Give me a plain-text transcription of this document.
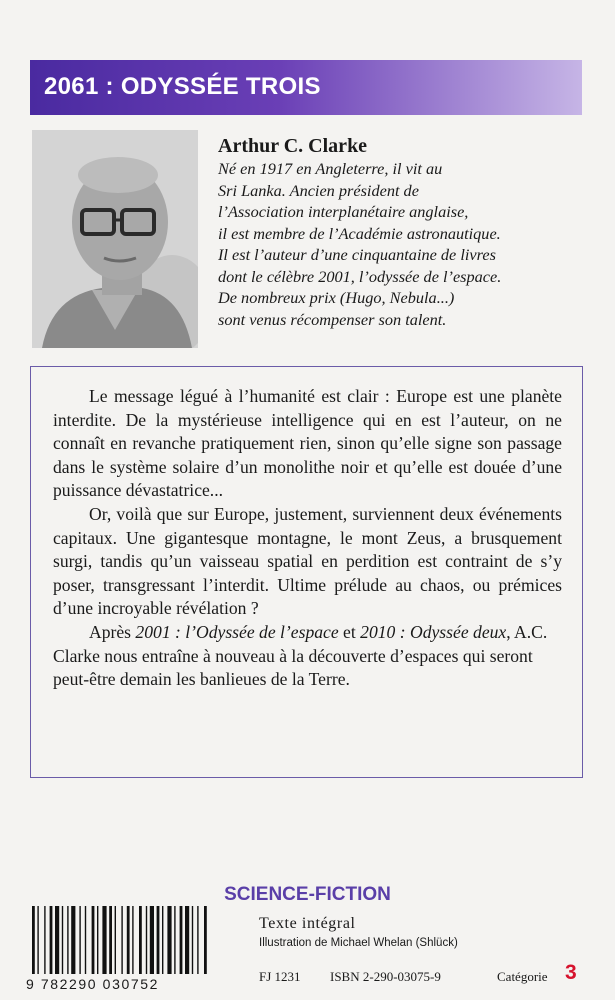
2061 : ODYSSÉE TROIS
Arthur C. Clarke
Né en 1917 en Angleterre, il vit au
Sri Lanka. Ancien président de
l’Association interplanétaire anglaise,
il est membre de l’Académie astronautique.
Il est l’auteur d’une cinquantaine de livres
dont le célèbre 2001, l’odyssée de l’espace.
De nombreux prix (Hugo, Nebula...)
sont venus récompenser son talent.

Le message légué à l’humanité est clair : Europe est une planète interdite. De la mystérieuse intelligence qui en est l’auteur, on ne connaît en revanche pratiquement rien, sinon qu’elle signe son passage dans le système solaire d’un monolithe noir et qu’elle est douée d’une puissance dévastatrice...

Or, voilà que sur Europe, justement, surviennent deux événements capitaux. Une gigantesque montagne, le mont Zeus, a brusquement surgi, tandis qu’un vaisseau spatial en perdition est contraint de s’y poser, transgressant l’interdit. Ultime prélude au chaos, ou prémices d’une incroyable révélation ?

Après 2001 : l’Odyssée de l’espace et 2010 : Odyssée deux, A.C. Clarke nous entraîne à nouveau à la découverte d’espaces qui seront peut-être demain les banlieues de la Terre.

SCIENCE-FICTION
Texte intégral
Illustration de Michael Whelan (Shlück)
9 782290 030752	FJ 1231 ISBN 2-290-03075-9	Catégorie 3
